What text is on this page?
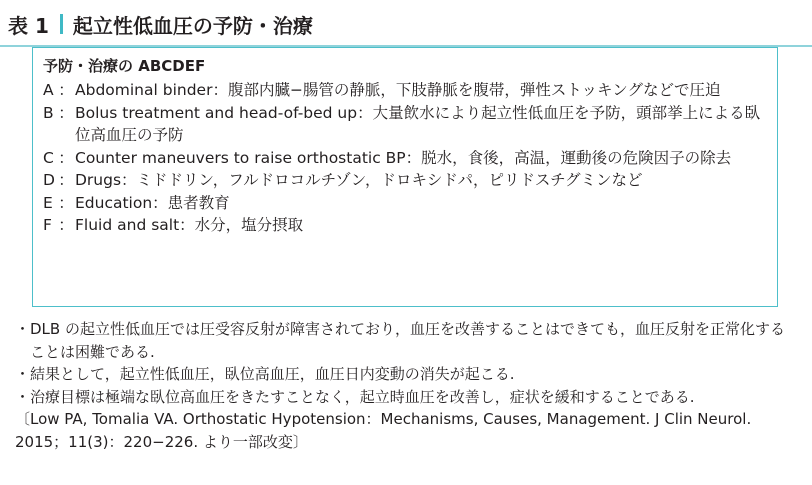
表 1 起立性低血圧の予防・治療
予防・治療の ABCDEF
A ： Abdominal binder：腹部内臓−腸管の静脈，下肢静脈を腹帯，弾性ストッキングなどで圧迫
B ： Bolus treatment and head-of-bed up：大量飲水により起立性低血圧を予防，頭部挙上による臥位高血圧の予防
C ： Counter maneuvers to raise orthostatic BP：脱水，食後，高温，運動後の危険因子の除去
D ： Drugs：ミドドリン，フルドロコルチゾン，ドロキシドパ，ピリドスチグミンなど
E ： Education：患者教育
F ： Fluid and salt：水分，塩分摂取
・ DLB の起立性低血圧では圧受容反射が障害されており，血圧を改善することはできても，血圧反射を正常化することは困難である.
・ 結果として，起立性低血圧，臥位高血圧，血圧日内変動の消失が起こる.
・ 治療目標は極端な臥位高血圧をきたすことなく，起立時血圧を改善し，症状を緩和することである.
〔Low PA, Tomalia VA. Orthostatic Hypotension：Mechanisms, Causes, Management. J Clin Neurol. 2015；11(3)：220−226. より一部改変〕
